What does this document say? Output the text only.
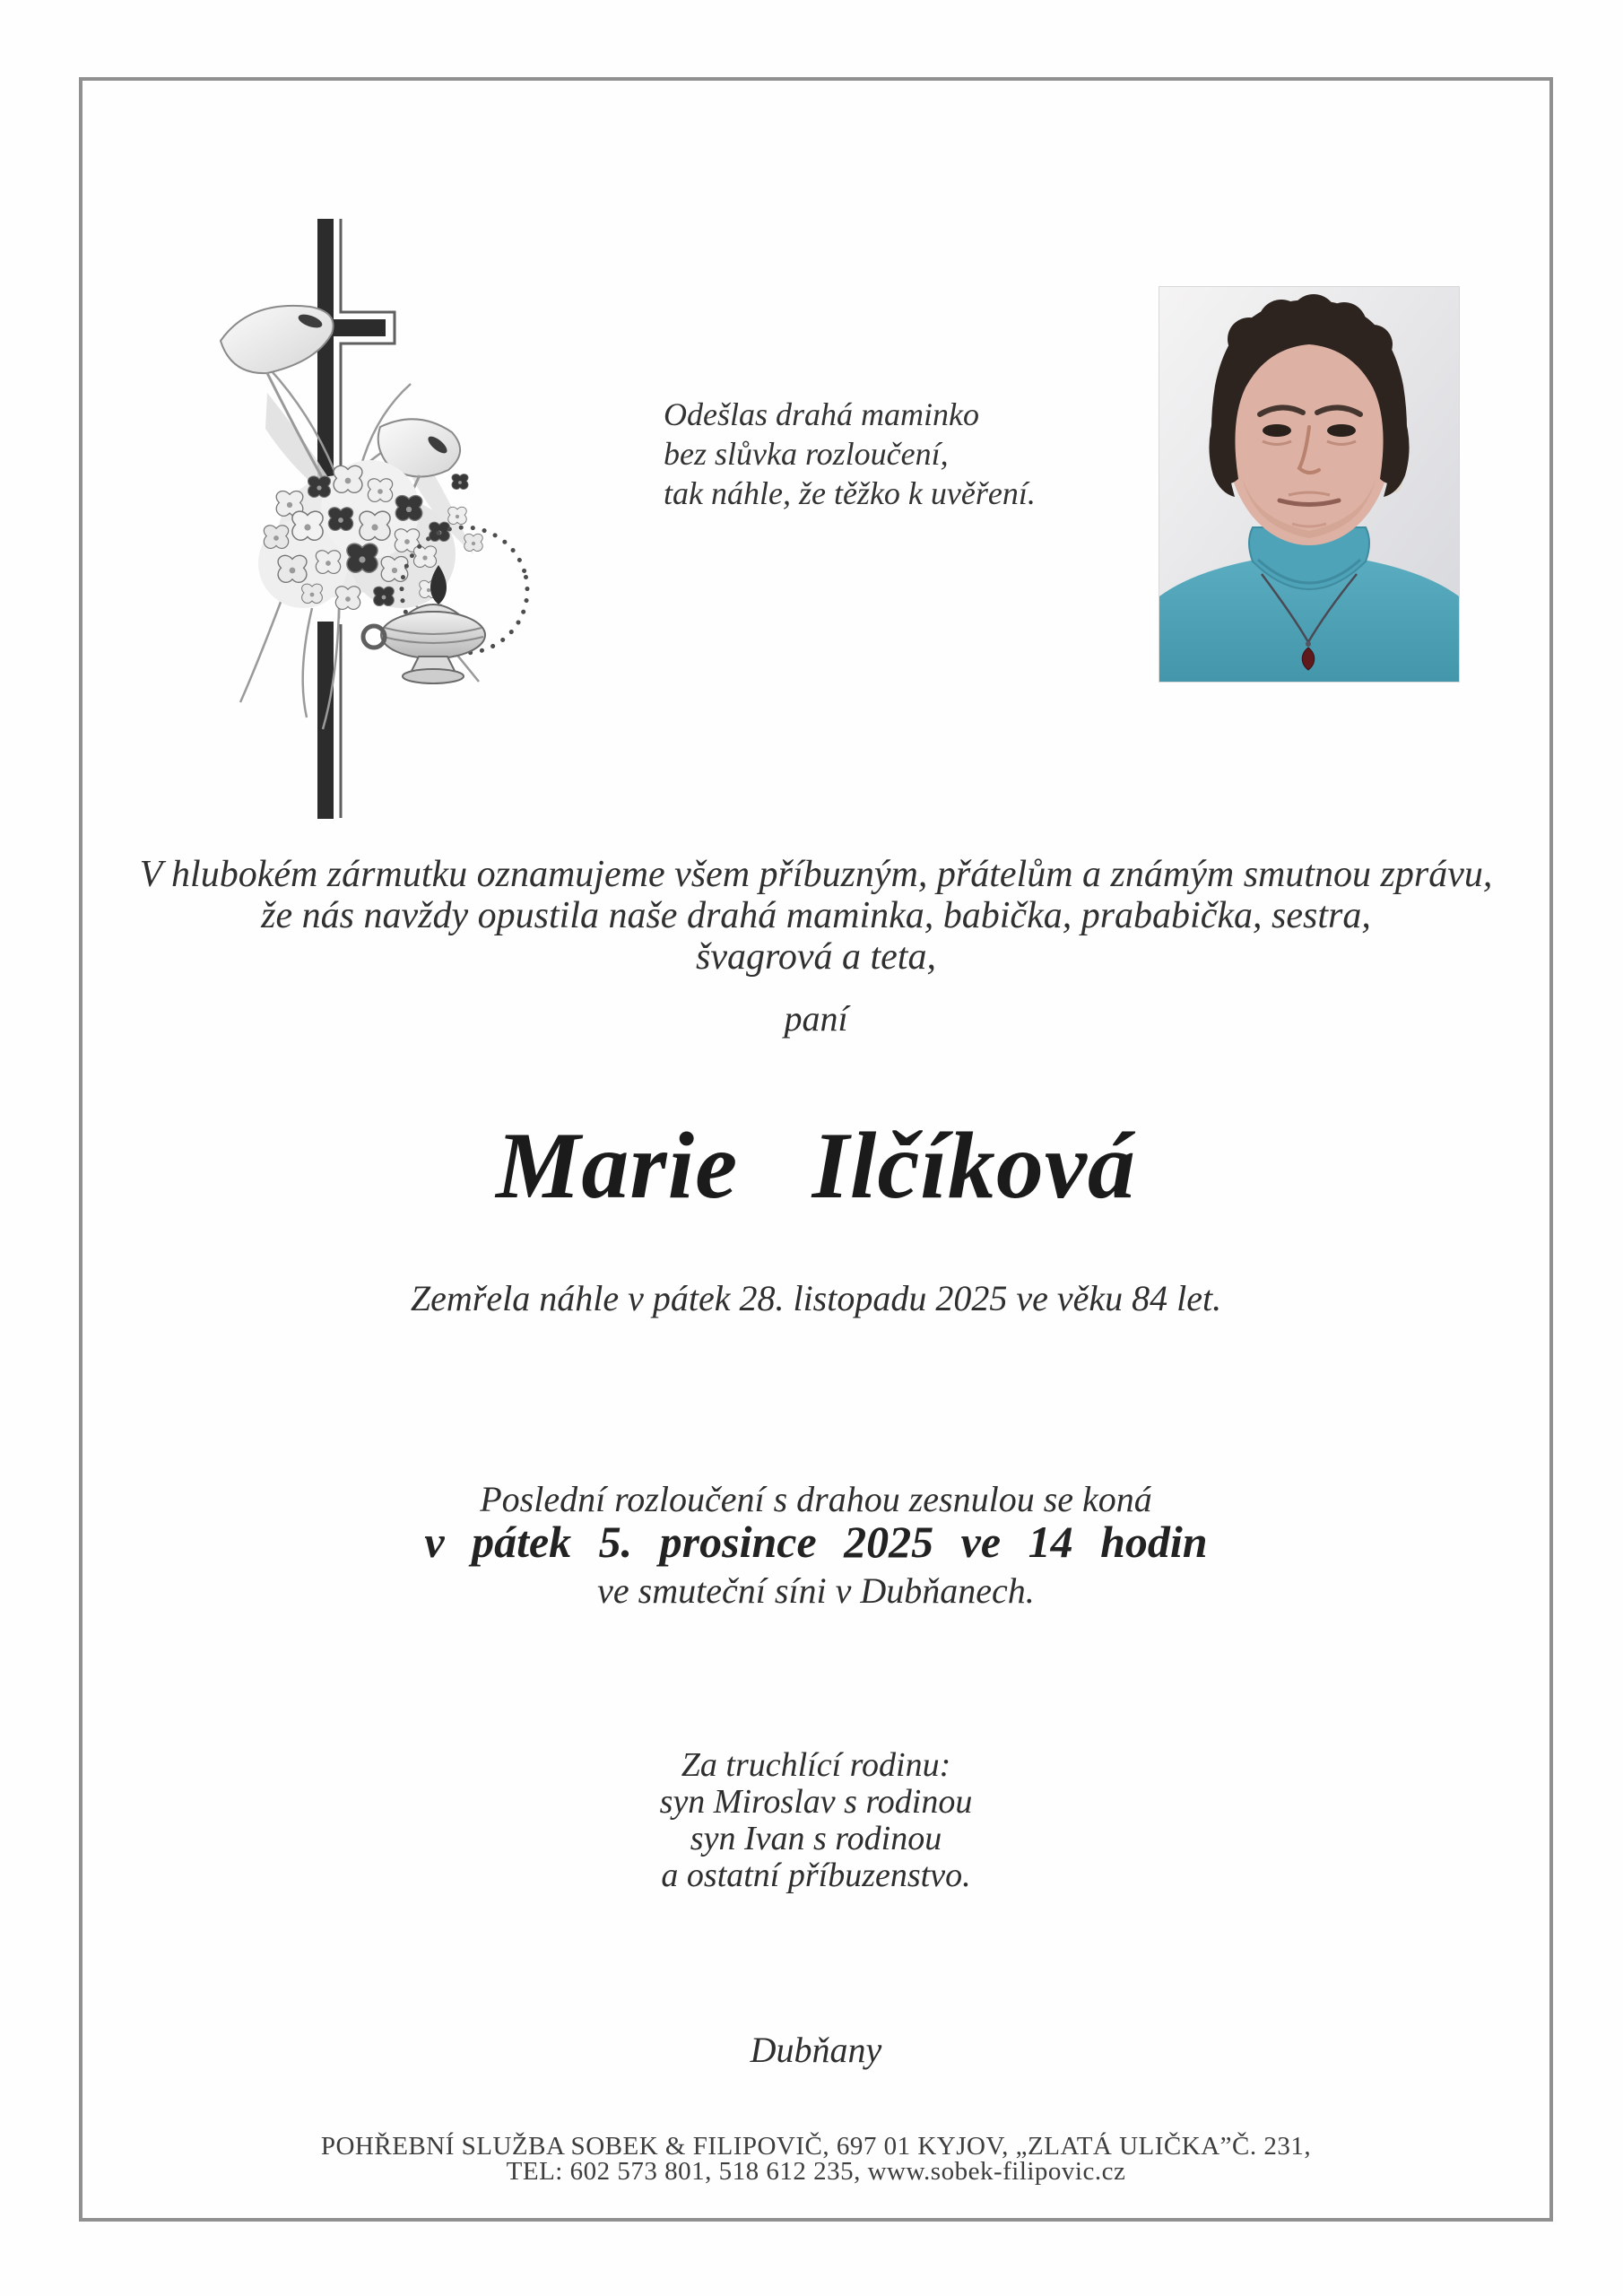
Odešlas drahá maminko
bez slůvka rozloučení,
tak náhle, že těžko k uvěření.
V hlubokém zármutku oznamujeme všem příbuzným, přátelům a známým smutnou zprávu,
že nás navždy opustila naše drahá maminka, babička, prababička, sestra,
švagrová a teta,
paní
Marie Ilčíková
Zemřela náhle v pátek 28. listopadu 2025 ve věku 84 let.
Poslední rozloučení s drahou zesnulou se koná
v pátek 5. prosince 2025 ve 14 hodin
ve smuteční síni v Dubňanech.
Za truchlící rodinu:
syn Miroslav s rodinou
syn Ivan s rodinou
a ostatní příbuzenstvo.
Dubňany
POHŘEBNÍ SLUŽBA SOBEK & FILIPOVIČ, 697 01 KYJOV, „ZLATÁ ULIČKA”Č. 231,
TEL: 602 573 801, 518 612 235, www.sobek-filipovic.cz
